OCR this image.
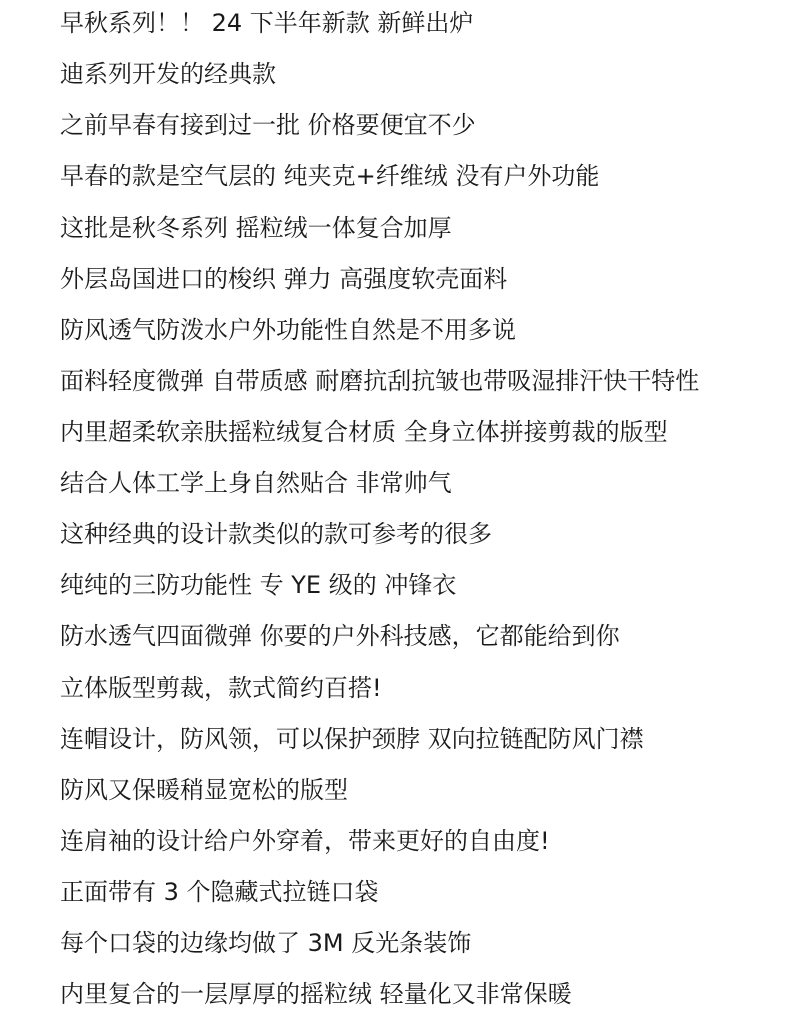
早秋系列！！ 24 下半年新款 新鲜出炉
迪系列开发的经典款
之前早春有接到过一批 价格要便宜不少
早春的款是空气层的 纯夹克+纤维绒 没有户外功能
这批是秋冬系列 摇粒绒一体复合加厚
外层岛国进口的梭织 弹力 高强度软壳面料
防风透气防泼水户外功能性自然是不用多说
面料轻度微弹 自带质感 耐磨抗刮抗皱也带吸湿排汗快干特性
内里超柔软亲肤摇粒绒复合材质 全身立体拼接剪裁的版型
结合人体工学上身自然贴合 非常帅气
这种经典的设计款类似的款可参考的很多
纯纯的三防功能性 专 YE 级的 冲锋衣
防水透气四面微弹 你要的户外科技感，它都能给到你
立体版型剪裁，款式简约百搭!
连帽设计，防风领，可以保护颈脖 双向拉链配防风门襟
防风又保暖稍显宽松的版型
连肩袖的设计给户外穿着，带来更好的自由度!
正面带有 3 个隐藏式拉链口袋
每个口袋的边缘均做了 3M 反光条装饰
内里复合的一层厚厚的摇粒绒 轻量化又非常保暖
